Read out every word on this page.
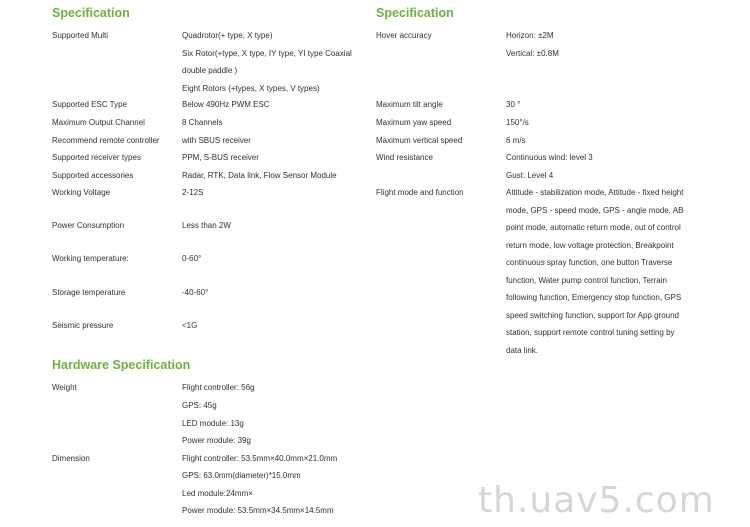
Specification
Supported Multi	Quadrotor(+ type, X type)
Six Rotor(+type, X type, IY type, YI type Coaxial
double paddle )
Eight Rotors (+types, X types, V types)
Supported ESC Type	Below 490Hz PWM ESC
Maximum Output Channel	8 Channels
Recommend remote controller	with SBUS receiver
Supported receiver types	PPM, S-BUS receiver
Supported accessories	Radar, RTK, Data link, Flow Sensor Module
Working Voltage	2-12S
Power Consumption	Less than 2W
Working temperature:	0-60°
Storage temperature	-40-60°
Seismic pressure	<1G
Specification
Hover accuracy	Horizon: ±2M
Vertical: ±0.8M
Maximum tilt angle	30 °
Maximum yaw speed	150°/s
Maximum vertical speed	6 m/s
Wind resistance	Continuous wind: level 3
Gust: Level 4
Flight mode and function	Attitude - stabilization mode, Attitude - fixed height
mode, GPS - speed mode, GPS - angle mode, AB
point mode, automatic return mode, out of control
return mode, low voltage protection, Breakpoint
continuous spray function, one button Traverse
function, Water pump control function, Terrain
following function, Emergency stop function, GPS
speed switching function, support for App ground
station, support remote control tuning setting by
data link.
Hardware Specification
Weight	Flight controller: 56g
GPS: 45g
LED module: 13g
Power module: 39g
Dimension	Flight controller: 53.5mm×40.0mm×21.0mm
GPS: 63.0mm(diameter)*15.0mm
Led module:24mm×
Power module: 53.5mm×34.5mm×14.5mm	th.uav5.com
